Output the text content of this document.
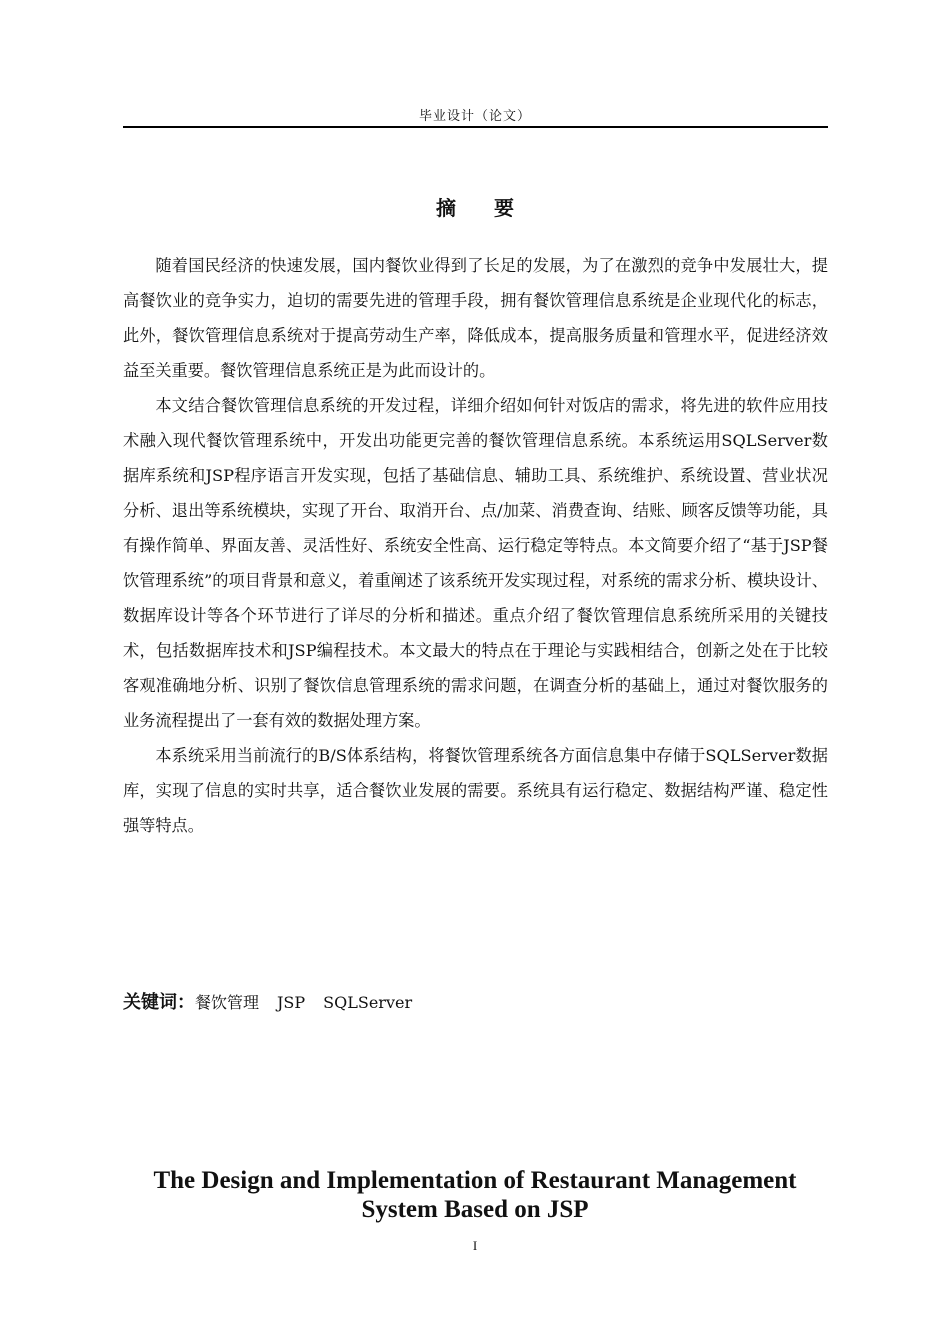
毕业设计（论文）
摘要

随着国民经济的快速发展，国内餐饮业得到了长足的发展，为了在激烈的竞争中发展壮大，提高餐饮业的竞争实力，迫切的需要先进的管理手段，拥有餐饮管理信息系统是企业现代化的标志，此外，餐饮管理信息系统对于提高劳动生产率，降低成本，提高服务质量和管理水平，促进经济效益至关重要。餐饮管理信息系统正是为此而设计的。

本文结合餐饮管理信息系统的开发过程，详细介绍如何针对饭店的需求，将先进的软件应用技术融入现代餐饮管理系统中，开发出功能更完善的餐饮管理信息系统。本系统运用SQLServer数据库系统和JSP程序语言开发实现，包括了基础信息、辅助工具、系统维护、系统设置、营业状况分析、退出等系统模块，实现了开台、取消开台、点/加菜、消费查询、结账、顾客反馈等功能，具有操作简单、界面友善、灵活性好、系统安全性高、运行稳定等特点。本文简要介绍了“基于JSP餐饮管理系统”的项目背景和意义，着重阐述了该系统开发实现过程，对系统的需求分析、模块设计、数据库设计等各个环节进行了详尽的分析和描述。重点介绍了餐饮管理信息系统所采用的关键技术，包括数据库技术和JSP编程技术。本文最大的特点在于理论与实践相结合，创新之处在于比较客观准确地分析、识别了餐饮信息管理系统的需求问题，在调查分析的基础上，通过对餐饮服务的业务流程提出了一套有效的数据处理方案。

本系统采用当前流行的B/S体系结构，将餐饮管理系统各方面信息集中存储于SQLServer数据库，实现了信息的实时共享，适合餐饮业发展的需要。系统具有运行稳定、数据结构严谨、稳定性强等特点。

关键词：餐饮管理 JSP SQLServer
The Design and Implementation of Restaurant Management
System Based on JSP
I
